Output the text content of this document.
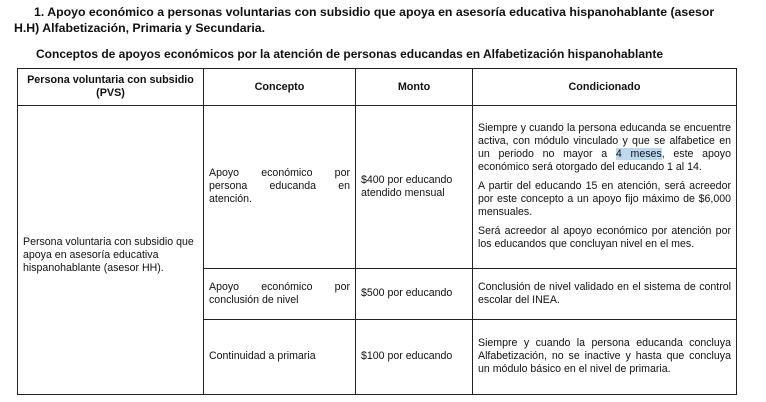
1. Apoyo económico a personas voluntarias con subsidio que apoya en asesoría educativa hispanohablante (asesor
H.H) Alfabetización, Primaria y Secundaria.

Conceptos de apoyos económicos por la atención de personas educandas en Alfabetización hispanohablante

Persona voluntaria con subsidio (PVS)	Concepto	Monto	Condicionado
Persona voluntaria con subsidio que apoya en asesoría educativa hispanohablante (asesor HH).	Apoyo económico por persona educanda en atención.	$400 por educando atendido mensual	Siempre y cuando la persona educanda se encuentre activa, con módulo vinculado y que se alfabetice en un periodo no mayor a 4 meses, este apoyo económico será otorgado del educando 1 al 14.

A partir del educando 15 en atención, será acreedor por este concepto a un apoyo fijo máximo de $6,000 mensuales.

Será acreedor al apoyo económico por atención por los educandos que concluyan nivel en el mes.

	Apoyo económico por conclusión de nivel	$500 por educando	Conclusión de nivel validado en el sistema de control escolar del INEA.
	Continuidad a primaria	$100 por educando	Siempre y cuando la persona educanda concluya Alfabetización, no se inactive y hasta que concluya un módulo básico en el nivel de primaria.
